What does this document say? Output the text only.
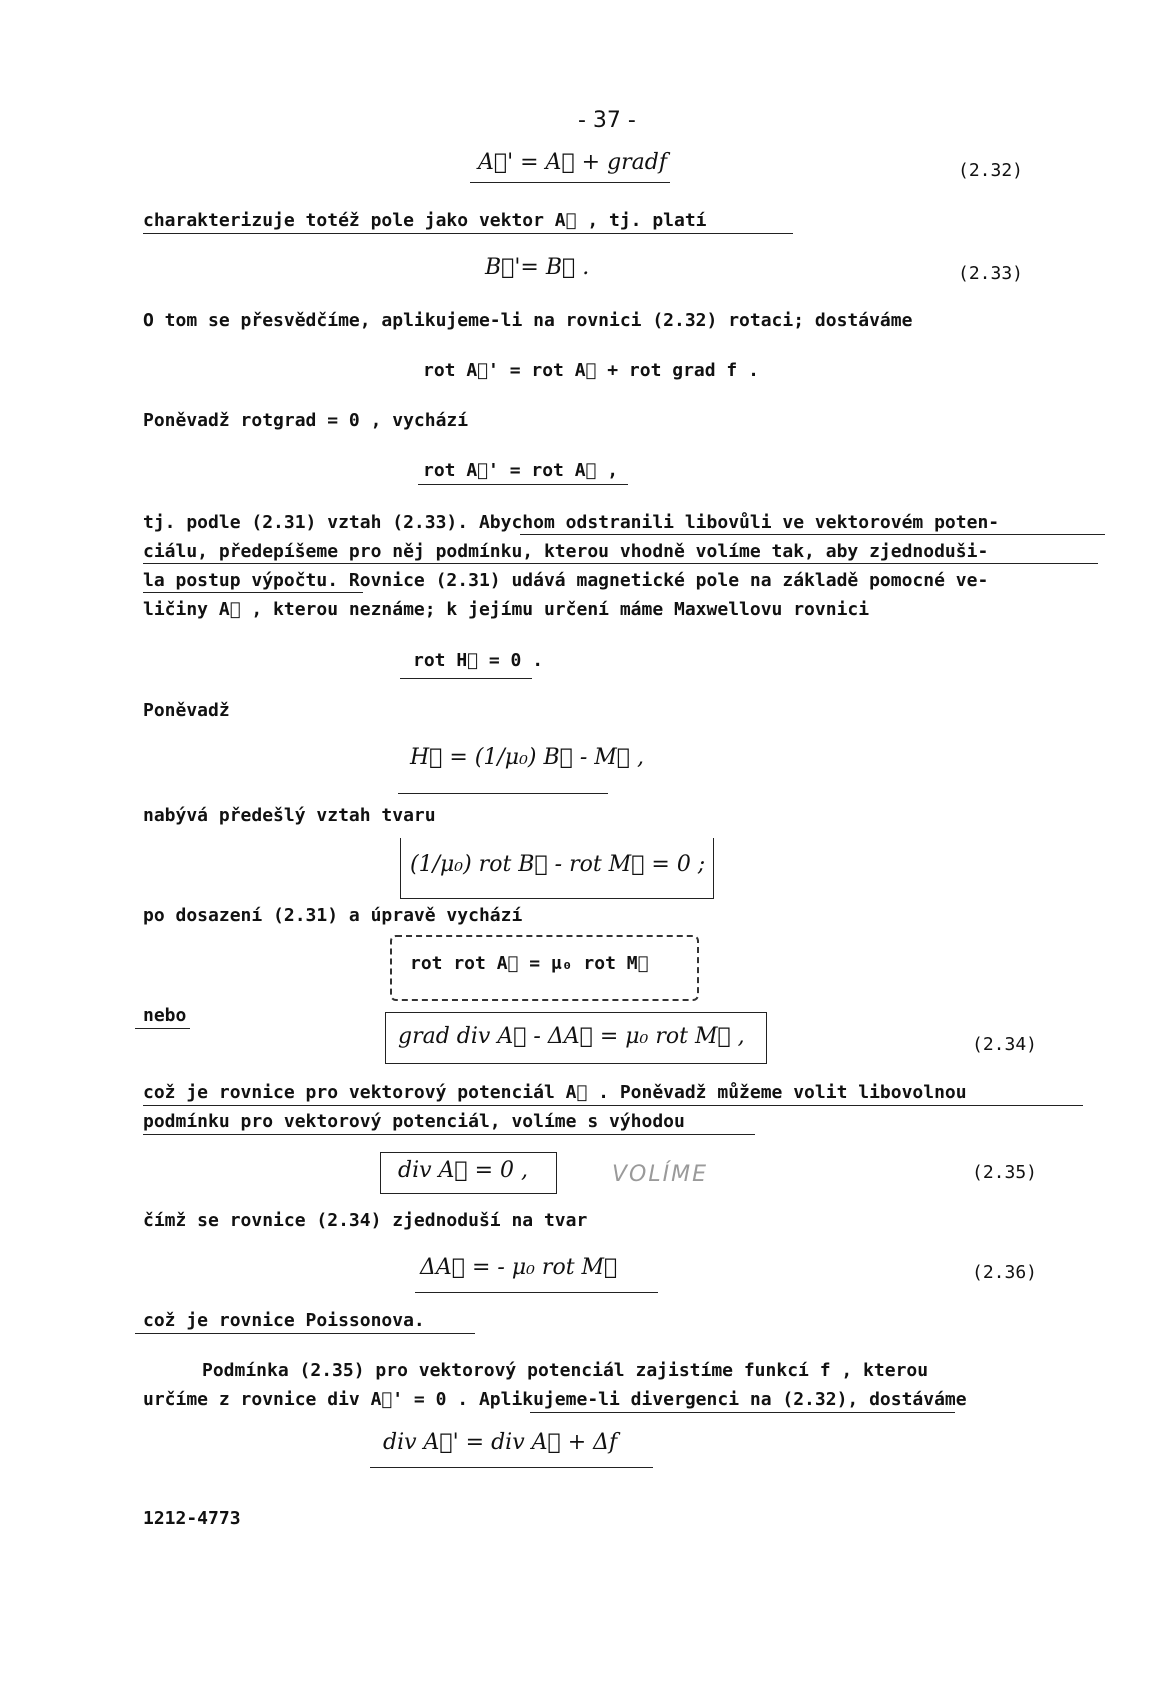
- 37 -
A⃗' = A⃗ + gradf	(2.32)
charakterizuje totéž pole jako vektor A⃗ , tj. platí
B⃗'= B⃗ .	(2.33)
O tom se přesvědčíme, aplikujeme-li na rovnici (2.32) rotaci; dostáváme
rot A⃗' = rot A⃗ + rot grad f .
Poněvadž rotgrad = 0 , vychází
rot A⃗' = rot A⃗ ,
tj. podle (2.31) vztah (2.33). Abychom odstranili libovůli ve vektorovém poten-
ciálu, předepíšeme pro něj podmínku, kterou vhodně volíme tak, aby zjednoduši-
la postup výpočtu. Rovnice (2.31) udává magnetické pole na základě pomocné ve-
ličiny A⃗ , kterou neznáme; k jejímu určení máme Maxwellovu rovnici
rot H⃗ = 0 .
Poněvadž
H⃗ = (1/μ₀) B⃗ - M⃗ ,
nabývá předešlý vztah tvaru
(1/μ₀) rot B⃗ - rot M⃗ = 0 ;
po dosazení (2.31) a úpravě vychází
rot rot A⃗ = μ₀ rot M⃗
nebo
grad div A⃗ - ΔA⃗ = μ₀ rot M⃗ ,	(2.34)
což je rovnice pro vektorový potenciál A⃗ . Poněvadž můžeme volit libovolnou
podmínku pro vektorový potenciál, volíme s výhodou
div A⃗ = 0 ,	VOLÍME	(2.35)
čímž se rovnice (2.34) zjednoduší na tvar
ΔA⃗ = - μ₀ rot M⃗	(2.36)
což je rovnice Poissonova.
Podmínka (2.35) pro vektorový potenciál zajistíme funkcí f , kterou
určíme z rovnice div A⃗' = 0 . Aplikujeme-li divergenci na (2.32), dostáváme
div A⃗' = div A⃗ + Δf
1212-4773
